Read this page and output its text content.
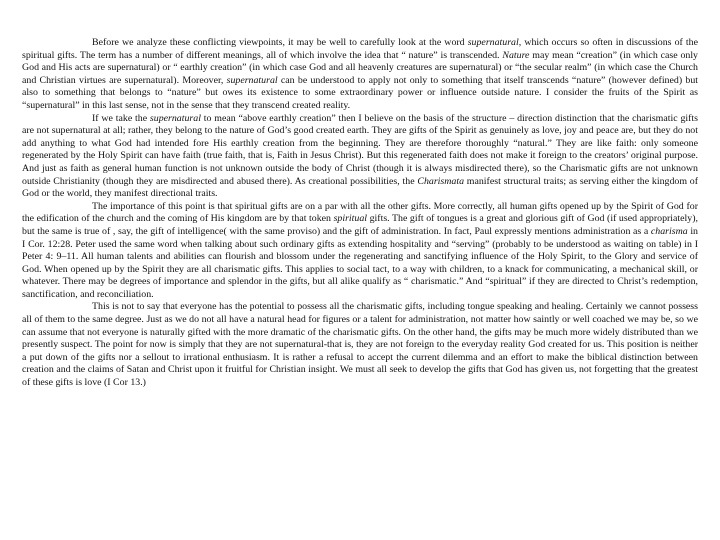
Before we analyze these conflicting viewpoints, it may be well to carefully look at the word supernatural, which occurs so often in discussions of the spiritual gifts. The term has a number of different meanings, all of which involve the idea that “ nature” is transcended. Nature may mean “creation” (in which case only God and His acts are supernatural) or “ earthly creation” (in which case God and all heavenly creatures are supernatural) or “the secular realm” (in which case the Church and Christian virtues are supernatural). Moreover, supernatural can be understood to apply not only to something that itself transcends “nature” (however defined) but also to something that belongs to “nature” but owes its existence to some extraordinary power or influence outside nature. I consider the fruits of the Spirit as “supernatural” in this last sense, not in the sense that they transcend created reality.

If we take the supernatural to mean “above earthly creation” then I believe on the basis of the structure – direction distinction that the charismatic gifts are not supernatural at all; rather, they belong to the nature of God’s good created earth. They are gifts of the Spirit as genuinely as love, joy and peace are, but they do not add anything to what God had intended fore His earthly creation from the beginning. They are therefore thoroughly “natural.” They are like faith: only someone regenerated by the Holy Spirit can have faith (true faith, that is, Faith in Jesus Christ). But this regenerated faith does not make it foreign to the creators’ original purpose. And just as faith as general human function is not unknown outside the body of Christ (though it is always misdirected there), so the Charismatic gifts are not unknown outside Christianity (though they are misdirected and abused there). As creational possibilities, the Charismata manifest structural traits; as serving either the kingdom of God or the world, they manifest directional traits.

The importance of this point is that spiritual gifts are on a par with all the other gifts. More correctly, all human gifts opened up by the Spirit of God for the edification of the church and the coming of His kingdom are by that token spiritual gifts. The gift of tongues is a great and glorious gift of God (if used appropriately), but the same is true of , say, the gift of intelligence( with the same proviso) and the gift of administration. In fact, Paul expressly mentions administration as a charisma in I Cor. 12:28. Peter used the same word when talking about such ordinary gifts as extending hospitality and “serving” (probably to be understood as waiting on table) in I Peter 4: 9–11. All human talents and abilities can flourish and blossom under the regenerating and sanctifying influence of the Holy Spirit, to the Glory and service of God. When opened up by the Spirit they are all charismatic gifts. This applies to social tact, to a way with children, to a knack for communicating, a mechanical skill, or whatever. There may be degrees of importance and splendor in the gifts, but all alike qualify as “ charismatic.” And “spiritual” if they are directed to Christ’s redemption, sanctification, and reconciliation.

This is not to say that everyone has the potential to possess all the charismatic gifts, including tongue speaking and healing. Certainly we cannot possess all of them to the same degree. Just as we do not all have a natural head for figures or a talent for administration, not matter how saintly or well coached we may be, so we can assume that not everyone is naturally gifted with the more dramatic of the charismatic gifts. On the other hand, the gifts may be much more widely distributed than we presently suspect. The point for now is simply that they are not supernatural-that is, they are not foreign to the everyday reality God created for us. This position is neither a put down of the gifts nor a sellout to irrational enthusiasm. It is rather a refusal to accept the current dilemma and an effort to make the biblical distinction between creation and the claims of Satan and Christ upon it fruitful for Christian insight. We must all seek to develop the gifts that God has given us, not forgetting that the greatest of these gifts is love (I Cor 13.)
